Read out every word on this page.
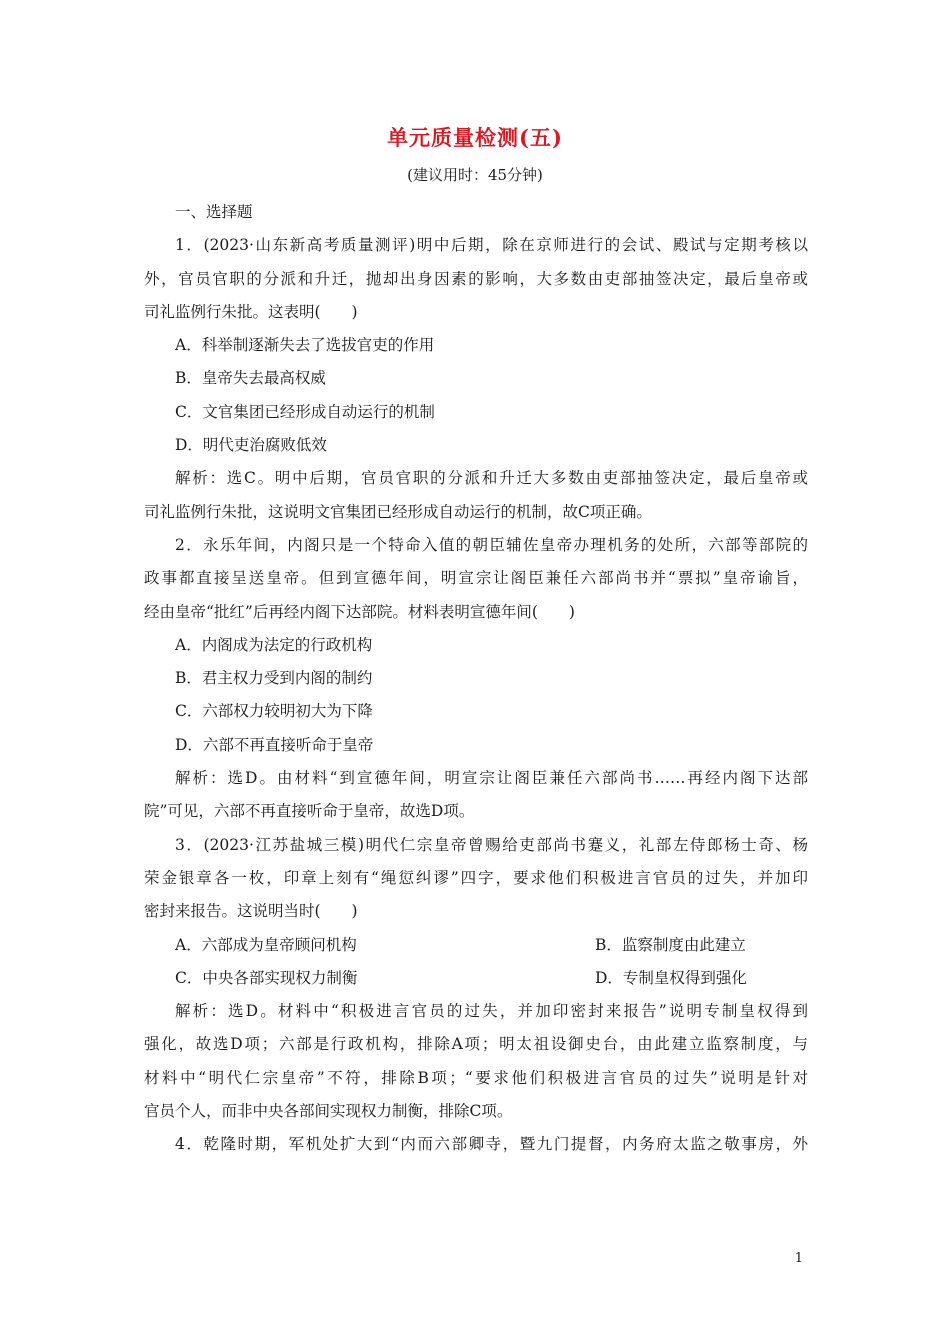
单元质量检测(五)
(建议用时：45分钟)
一、选择题
1．(2023·山东新高考质量测评)明中后期，除在京师进行的会试、殿试与定期考核以
外，官员官职的分派和升迁，抛却出身因素的影响，大多数由吏部抽签决定，最后皇帝或
司礼监例行朱批。这表明(　　)
A．科举制逐渐失去了选拔官吏的作用
B．皇帝失去最高权威
C．文官集团已经形成自动运行的机制
D．明代吏治腐败低效
解析：选C。明中后期，官员官职的分派和升迁大多数由吏部抽签决定，最后皇帝或
司礼监例行朱批，这说明文官集团已经形成自动运行的机制，故C项正确。
2．永乐年间，内阁只是一个特命入值的朝臣辅佐皇帝办理机务的处所，六部等部院的
政事都直接呈送皇帝。但到宣德年间，明宣宗让阁臣兼任六部尚书并“票拟”皇帝谕旨，
经由皇帝“批红”后再经内阁下达部院。材料表明宣德年间(　　)
A．内阁成为法定的行政机构
B．君主权力受到内阁的制约
C．六部权力较明初大为下降
D．六部不再直接听命于皇帝
解析：选D。由材料“到宣德年间，明宣宗让阁臣兼任六部尚书……再经内阁下达部
院”可见，六部不再直接听命于皇帝，故选D项。
3．(2023·江苏盐城三模)明代仁宗皇帝曾赐给吏部尚书蹇义，礼部左侍郎杨士奇、杨
荣金银章各一枚，印章上刻有“绳愆纠谬”四字，要求他们积极进言官员的过失，并加印
密封来报告。这说明当时(　　)
A．六部成为皇帝顾问机构	B．监察制度由此建立
C．中央各部实现权力制衡	D．专制皇权得到强化
解析：选D。材料中“积极进言官员的过失，并加印密封来报告”说明专制皇权得到
强化，故选D项；六部是行政机构，排除A项；明太祖设御史台，由此建立监察制度，与
材料中“明代仁宗皇帝”不符，排除B项；“要求他们积极进言官员的过失”说明是针对
官员个人，而非中央各部间实现权力制衡，排除C项。
4．乾隆时期，军机处扩大到“内而六部卿寺，暨九门提督，内务府太监之敬事房，外
1
